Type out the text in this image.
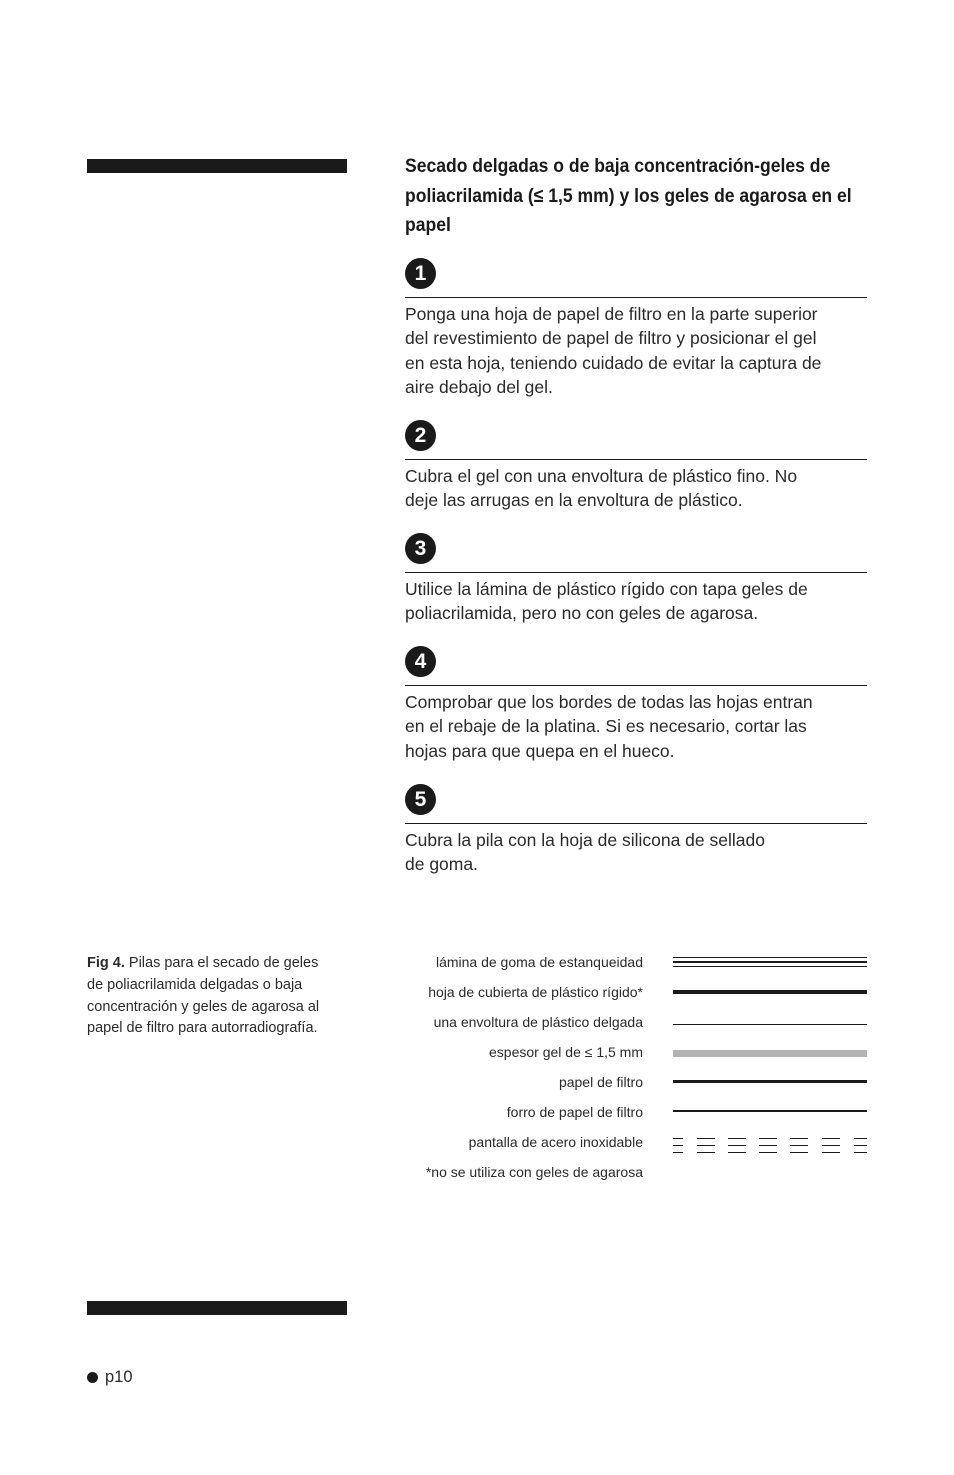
Secado delgadas o de baja concentración-geles de poliacrilamida (≤ 1,5 mm) y los geles de agarosa en el papel
1
Ponga una hoja de papel de filtro en la parte superior
del revestimiento de papel de filtro y posicionar el gel
en esta hoja, teniendo cuidado de evitar la captura de
aire debajo del gel.
2
Cubra el gel con una envoltura de plástico fino. No
deje las arrugas en la envoltura de plástico.
3
Utilice la lámina de plástico rígido con tapa geles de
poliacrilamida, pero no con geles de agarosa.
4
Comprobar que los bordes de todas las hojas entran
en el rebaje de la platina. Si es necesario, cortar las
hojas para que quepa en el hueco.
5
Cubra la pila con la hoja de silicona de sellado
de goma.
Fig 4. Pilas para el secado de geles de poliacrilamida delgadas o baja concentración y geles de agarosa al papel de filtro para autorradiografía.
lámina de goma de estanqueidad
hoja de cubierta de plástico rígido*
una envoltura de plástico delgada
espesor gel de ≤ 1,5 mm
papel de filtro
forro de papel de filtro
pantalla de acero inoxidable
*no se utiliza con geles de agarosa
p10
